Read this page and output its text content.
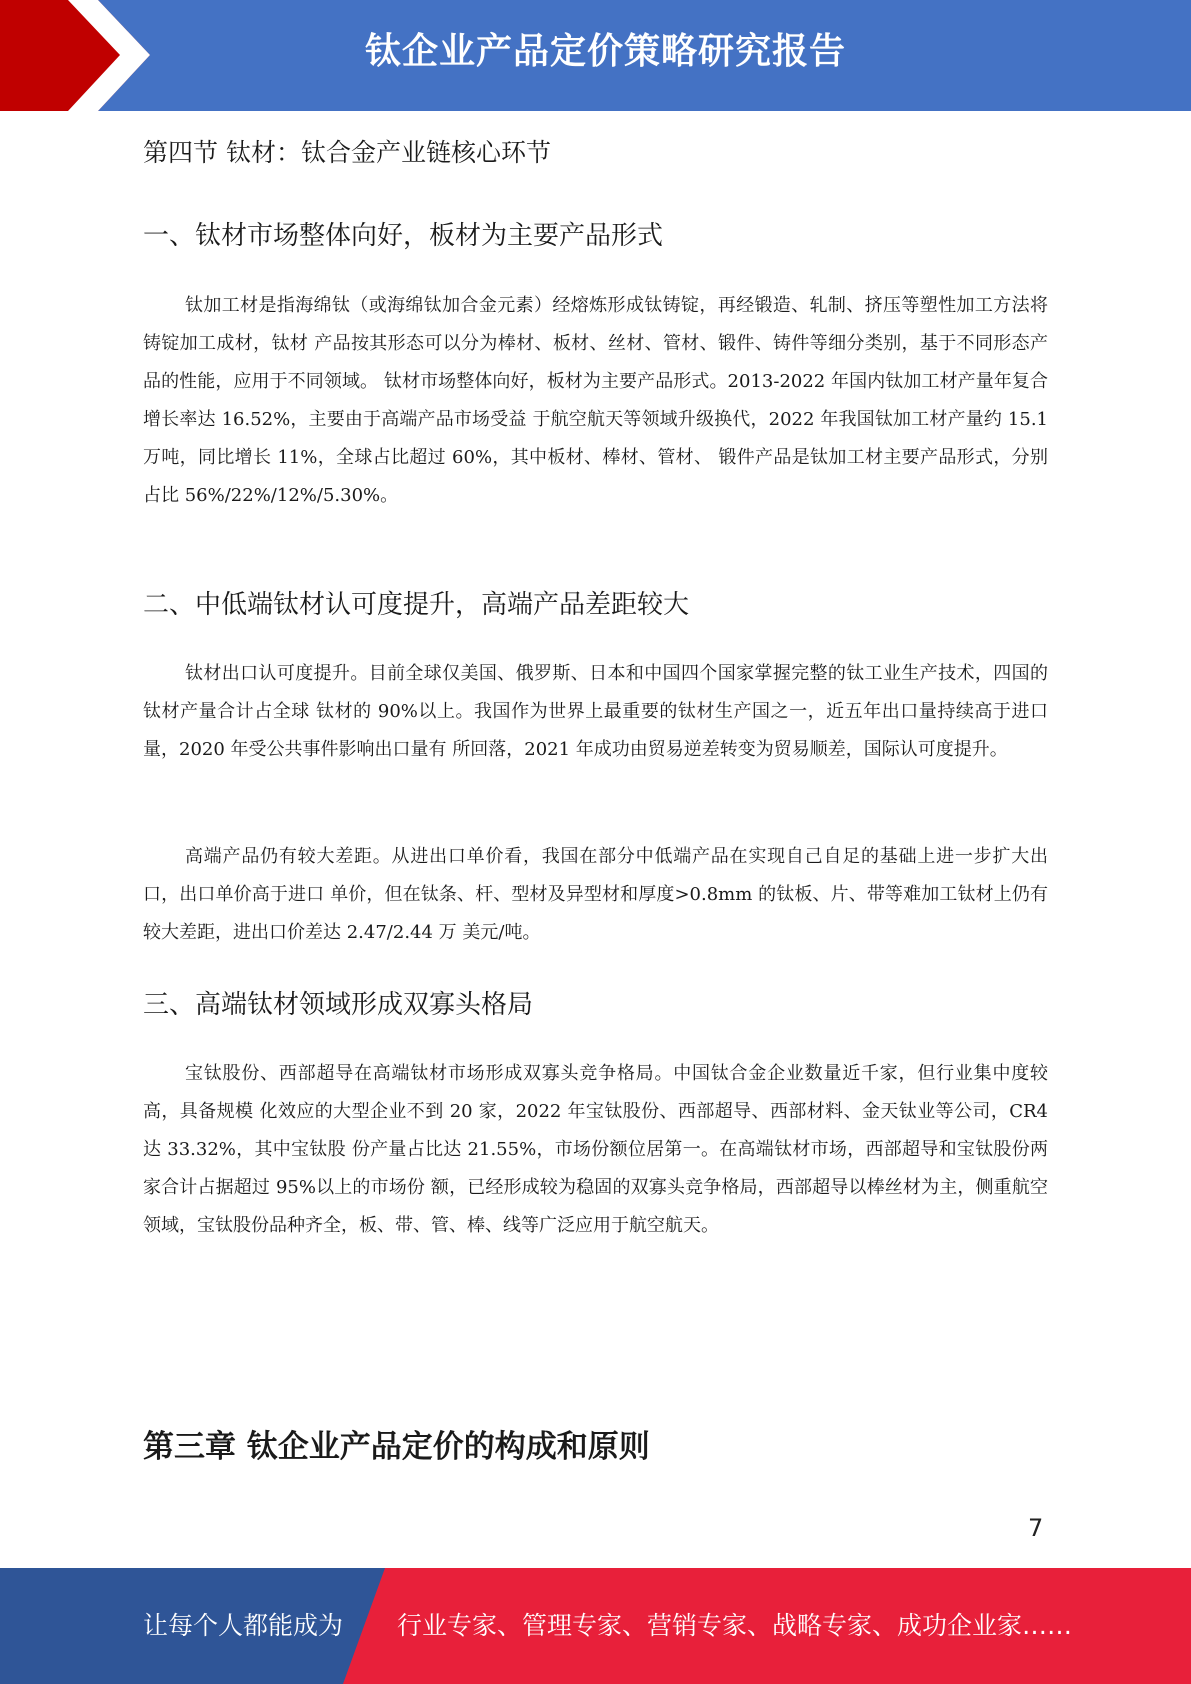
钛企业产品定价策略研究报告
第四节 钛材：钛合金产业链核心环节
一、钛材市场整体向好，板材为主要产品形式

钛加工材是指海绵钛（或海绵钛加合金元素）经熔炼形成钛铸锭，再经锻造、轧制、挤压等塑性加工方法将铸锭加工成材，钛材 产品按其形态可以分为棒材、板材、丝材、管材、锻件、铸件等细分类别，基于不同形态产品的性能，应用于不同领域。 钛材市场整体向好，板材为主要产品形式。2013-2022 年国内钛加工材产量年复合增长率达 16.52%，主要由于高端产品市场受益 于航空航天等领域升级换代，2022 年我国钛加工材产量约 15.1 万吨，同比增长 11%，全球占比超过 60%，其中板材、棒材、管材、 锻件产品是钛加工材主要产品形式，分别占比 56%/22%/12%/5.30%。

二、中低端钛材认可度提升，高端产品差距较大

钛材出口认可度提升。目前全球仅美国、俄罗斯、日本和中国四个国家掌握完整的钛工业生产技术，四国的钛材产量合计占全球 钛材的 90%以上。我国作为世界上最重要的钛材生产国之一，近五年出口量持续高于进口量，2020 年受公共事件影响出口量有 所回落，2021 年成功由贸易逆差转变为贸易顺差，国际认可度提升。

高端产品仍有较大差距。从进出口单价看，我国在部分中低端产品在实现自己自足的基础上进一步扩大出口，出口单价高于进口 单价，但在钛条、杆、型材及异型材和厚度>0.8mm 的钛板、片、带等难加工钛材上仍有较大差距，进出口价差达 2.47/2.44 万 美元/吨。

三、高端钛材领域形成双寡头格局

宝钛股份、西部超导在高端钛材市场形成双寡头竞争格局。中国钛合金企业数量近千家，但行业集中度较高，具备规模 化效应的大型企业不到 20 家，2022 年宝钛股份、西部超导、西部材料、金天钛业等公司，CR4 达 33.32%，其中宝钛股 份产量占比达 21.55%，市场份额位居第一。在高端钛材市场，西部超导和宝钛股份两家合计占据超过 95%以上的市场份 额，已经形成较为稳固的双寡头竞争格局，西部超导以棒丝材为主，侧重航空领域，宝钛股份品种齐全，板、带、管、棒、线等广泛应用于航空航天。

第三章 钛企业产品定价的构成和原则
7
让每个人都能成为 行业专家、管理专家、营销专家、战略专家、成功企业家……
